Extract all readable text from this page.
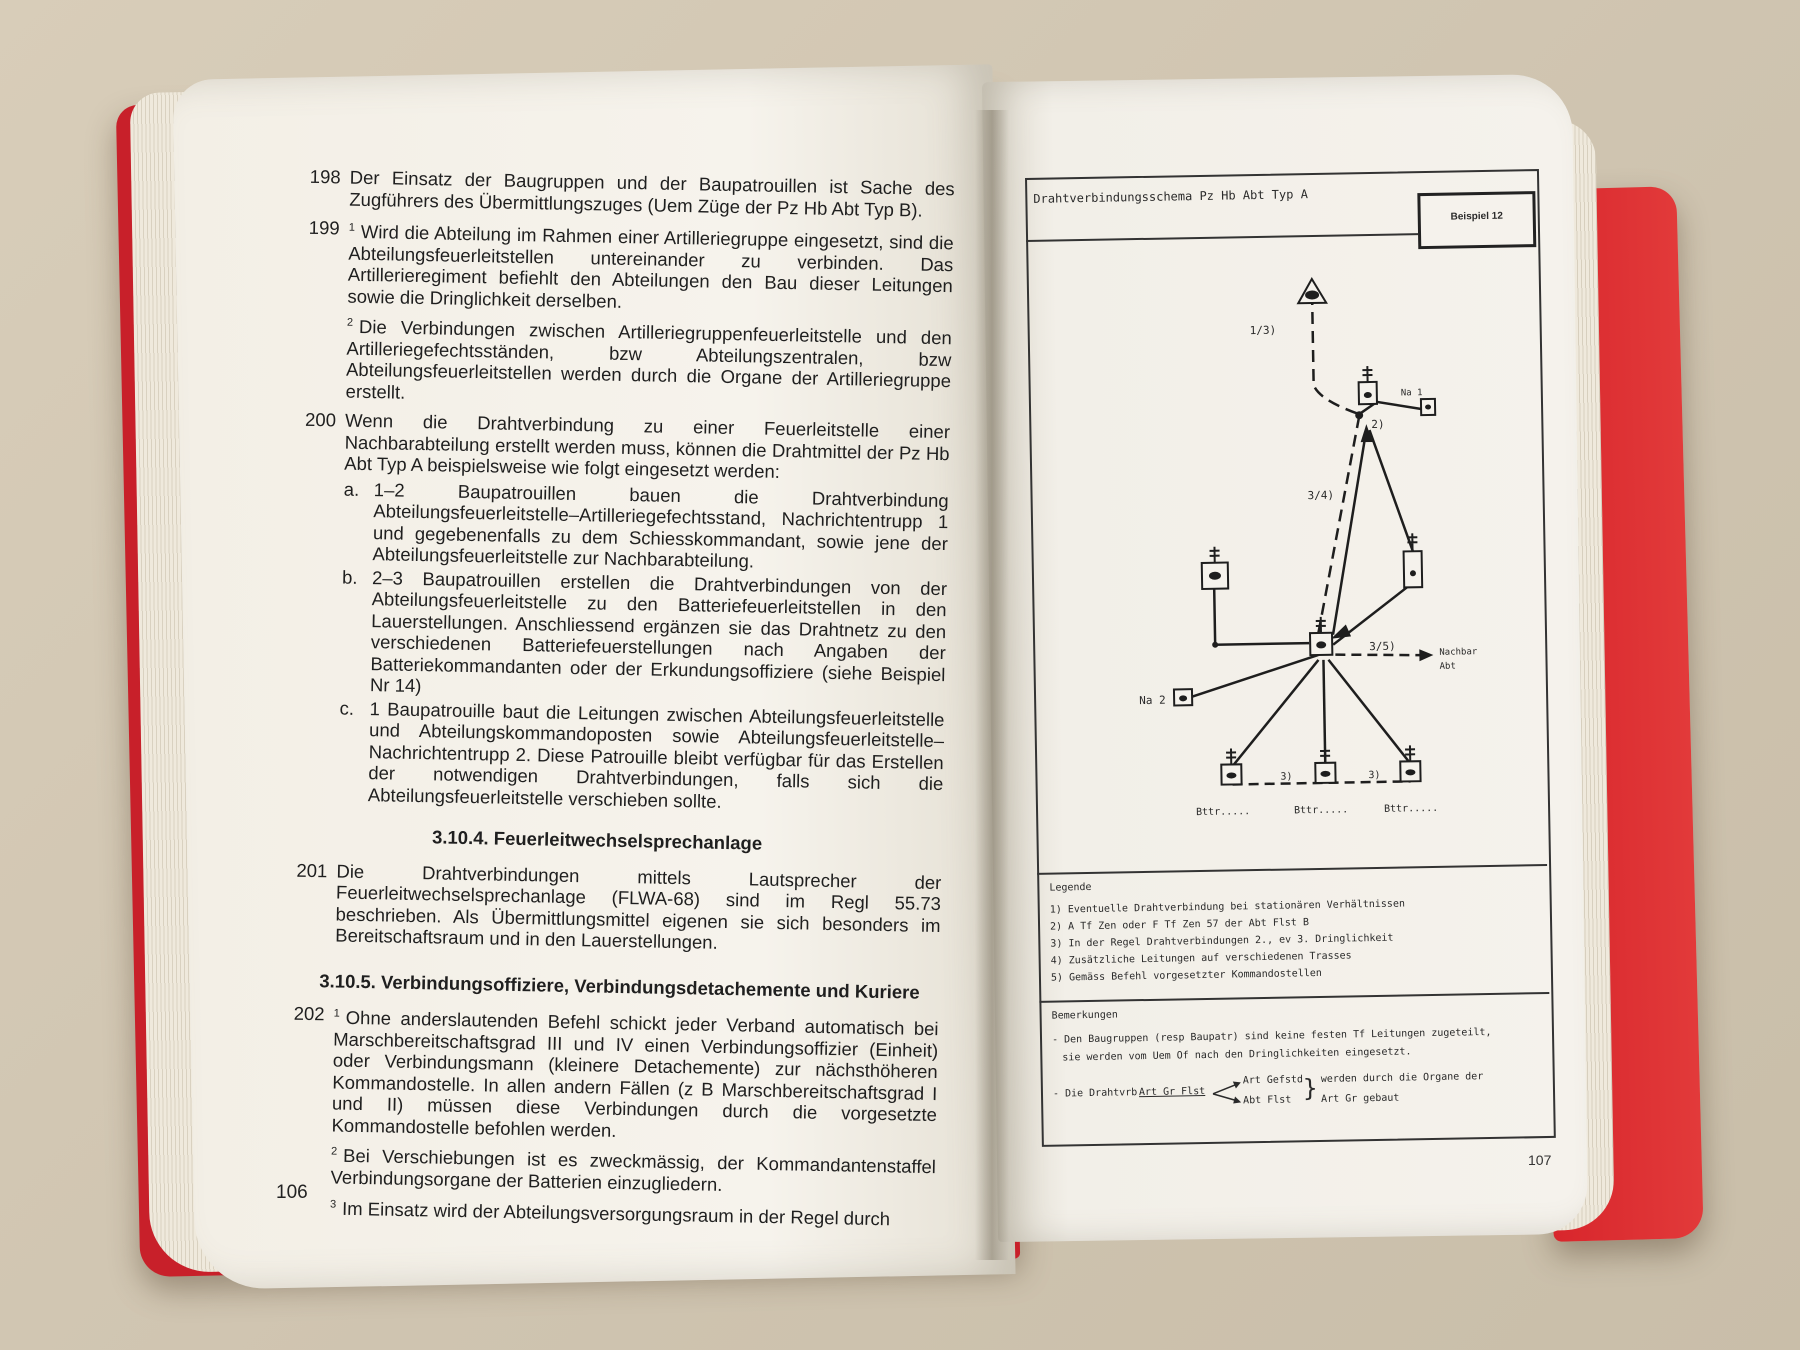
198 Der Einsatz der Baugruppen und der Baupatrouillen ist Sache des Zugführers des Übermittlungszuges (Uem Züge der Pz Hb Abt Typ B).
199 $^1$ Wird die Abteilung im Rahmen einer Artilleriegruppe eingesetzt, sind die Abteilungsfeuerleitstellen untereinander zu verbinden. Das Artillerieregiment befiehlt den Abteilungen den Bau dieser Leitungen sowie die Dringlichkeit derselben.
$^2$ Die Verbindungen zwischen Artilleriegruppenfeuerleitstelle und den Artilleriegefechtsständen, bzw Abteilungszentralen, bzw Abteilungsfeuerleitstellen werden durch die Organe der Artilleriegruppe erstellt.
200 Wenn die Drahtverbindung zu einer Feuerleitstelle einer Nachbarabteilung erstellt werden muss, können die Drahtmittel der Pz Hb Abt Typ A beispielsweise wie folgt eingesetzt werden:
a. 1–2 Baupatrouillen bauen die Drahtverbindung Abteilungsfeuerleitstelle–Artilleriegefechtsstand, Nachrichtentrupp 1 und gegebenenfalls zu dem Schiesskommandant, sowie jene der Abteilungsfeuerleitstelle zur Nachbarabteilung.
b. 2–3 Baupatrouillen erstellen die Drahtverbindungen von der Abteilungsfeuerleitstelle zu den Batteriefeuerleitstellen in den Lauerstellungen. Anschliessend ergänzen sie das Drahtnetz zu den verschiedenen Batteriefeuerstellungen nach Angaben der Batteriekommandanten oder der Erkundungsoffiziere (siehe Beispiel Nr 14)
c. 1 Baupatrouille baut die Leitungen zwischen Abteilungsfeuerleitstelle und Abteilungskommandoposten sowie Abteilungsfeuerleitstelle–Nachrichtentrupp 2. Diese Patrouille bleibt verfügbar für das Erstellen der notwendigen Drahtverbindungen, falls sich die Abteilungsfeuerleitstelle verschieben sollte.
3.10.4. Feuerleitwechselsprechanlage
201 Die Drahtverbindungen mittels Lautsprecher der Feuerleitwechselsprechanlage (FLWA-68) sind im Regl 55.73 beschrieben. Als Übermittlungsmittel eigenen sie sich besonders im Bereitschaftsraum und in den Lauerstellungen.
3.10.5. Verbindungsoffiziere, Verbindungsdetachemente und Kuriere
202 $^1$ Ohne anderslautenden Befehl schickt jeder Verband automatisch bei Marschbereitschaftsgrad III und IV einen Verbindungsoffizier (Einheit) oder Verbindungsmann (kleinere Detachemente) zur nächsthöheren Kommandostelle. In allen andern Fällen (z B Marschbereitschaftsgrad I und II) müssen diese Verbindungen durch die vorgesetzte Kommandostelle befohlen werden.
$^2$ Bei Verschiebungen ist es zweckmässig, der Kommandantenstaffel Verbindungsorgane der Batterien einzugliedern.
$^3$ Im Einsatz wird der Abteilungsversorgungsraum in der Regel durch
106
Drahtverbindungsschema Pz Hb Abt Typ A
Beispiel 12
1/3)
2)
Na 1
3/4)
3/5)	Nachbar
Abt
Na 2
3)	3)
Bttr.....	Bttr.....	Bttr.....
Legende
1) Eventuelle Drahtverbindung bei stationären Verhältnissen
2) A Tf Zen oder F Tf Zen 57 der Abt Flst B
3) In der Regel Drahtverbindungen 2., ev 3. Dringlichkeit
4) Zusätzliche Leitungen auf verschiedenen Trasses
5) Gemäss Befehl vorgesetzter Kommandostellen
Bemerkungen
- Den Baugruppen (resp Baupatr) sind keine festen Tf Leitungen zugeteilt,
sie werden vom Uem Of nach den Dringlichkeiten eingesetzt.
- Die Drahtvrb Art Gr Flst
Art Gefstd
Abt Flst } werden durch die Organe der
Art Gr gebaut
107
